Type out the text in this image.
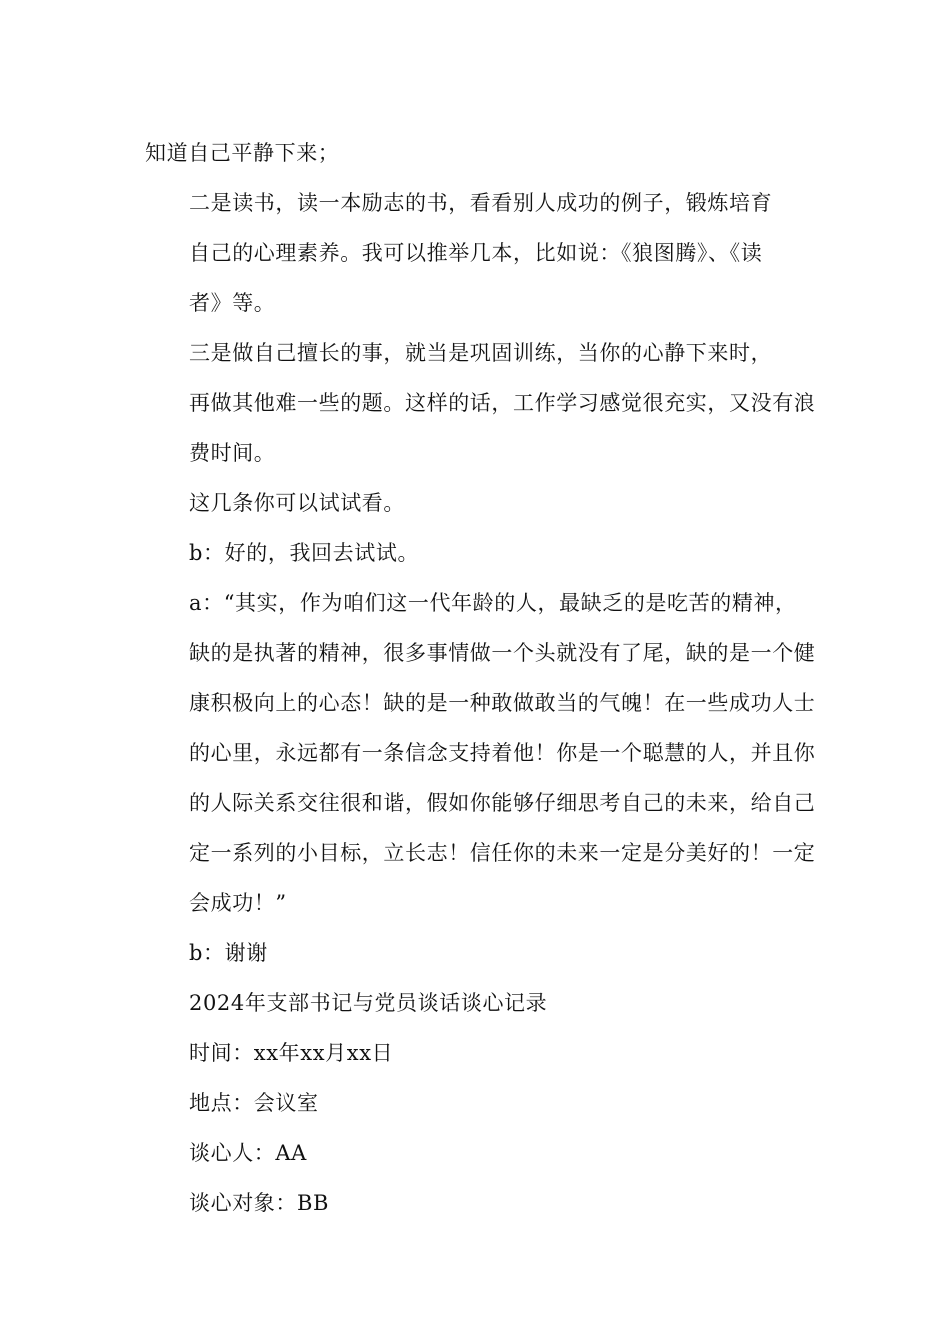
知道自己平静下来；

二是读书，读一本励志的书，看看别人成功的例子，锻炼培育
自己的心理素养。我可以推举几本，比如说：《狼图腾》、《读
者》等。

三是做自己擅长的事，就当是巩固训练，当你的心静下来时，
再做其他难一些的题。这样的话，工作学习感觉很充实，又没有浪
费时间。

这几条你可以试试看。

b：好的，我回去试试。

a：“其实，作为咱们这一代年龄的人，最缺乏的是吃苦的精神，
缺的是执著的精神，很多事情做一个头就没有了尾，缺的是一个健
康积极向上的心态！缺的是一种敢做敢当的气魄！在一些成功人士
的心里，永远都有一条信念支持着他！你是一个聪慧的人，并且你
的人际关系交往很和谐，假如你能够仔细思考自己的未来，给自己
定一系列的小目标，立长志！信任你的未来一定是分美好的！一定
会成功！”

b：谢谢

2024年支部书记与党员谈话谈心记录

时间：xx年xx月xx日

地点：会议室

谈心人：AA

谈心对象：BB
